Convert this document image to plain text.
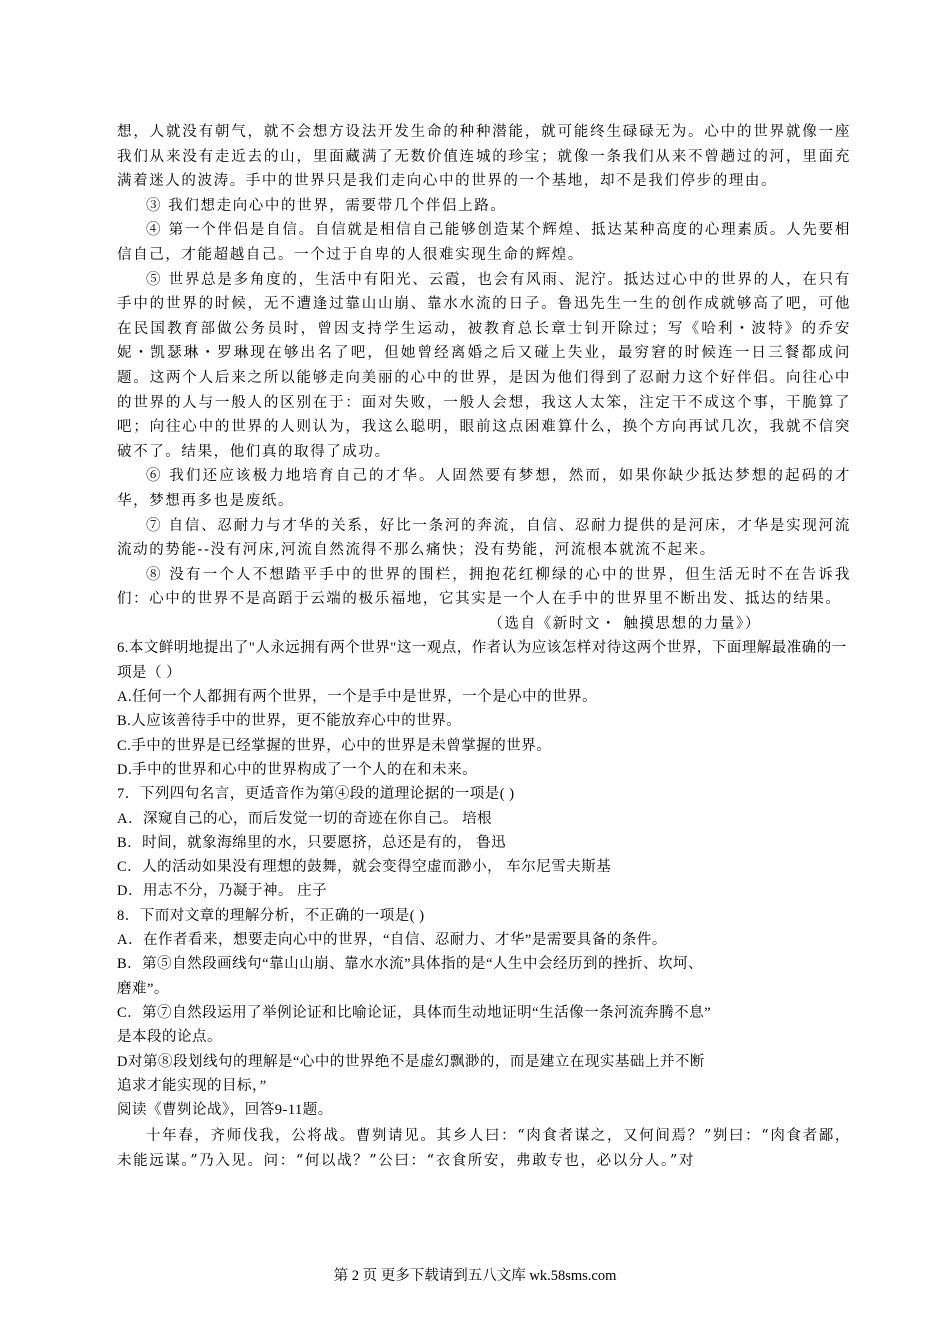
想，人就没有朝气，就不会想方设法开发生命的种种潜能，就可能终生碌碌无为。心中的世界就像一座我们从来没有走近去的山，里面藏满了无数价值连城的珍宝；就像一条我们从来不曾趟过的河，里面充满着迷人的波涛。手中的世界只是我们走向心中的世界的一个基地，却不是我们停步的理由。

③ 我们想走向心中的世界，需要带几个伴侣上路。

④ 第一个伴侣是自信。自信就是相信自己能够创造某个辉煌、抵达某种高度的心理素质。人先要相信自己，才能超越自己。一个过于自卑的人很难实现生命的辉煌。

⑤ 世界总是多角度的，生活中有阳光、云霞，也会有风雨、泥泞。抵达过心中的世界的人，在只有手中的世界的时候，无不遭逢过靠山山崩、靠水水流的日子。鲁迅先生一生的创作成就够高了吧，可他在民国教育部做公务员时，曾因支持学生运动，被教育总长章士钊开除过；写《哈利・波特》的乔安妮・凯瑟琳・罗琳现在够出名了吧，但她曾经离婚之后又碰上失业，最穷窘的时候连一日三餐都成问题。这两个人后来之所以能够走向美丽的心中的世界，是因为他们得到了忍耐力这个好伴侣。向往心中的世界的人与一般人的区别在于：面对失败，一般人会想，我这人太笨，注定干不成这个事，干脆算了吧；向往心中的世界的人则认为，我这么聪明，眼前这点困难算什么，换个方向再试几次，我就不信突破不了。结果，他们真的取得了成功。

⑥ 我们还应该极力地培育自己的才华。人固然要有梦想，然而，如果你缺少抵达梦想的起码的才华，梦想再多也是废纸。

⑦ 自信、忍耐力与才华的关系，好比一条河的奔流，自信、忍耐力提供的是河床，才华是实现河流流动的势能--没有河床,河流自然流得不那么痛快；没有势能，河流根本就流不起来。

⑧ 没有一个人不想踏平手中的世界的围栏，拥抱花红柳绿的心中的世界，但生活无时不在告诉我们：心中的世界不是高蹈于云端的极乐福地，它其实是一个人在手中的世界里不断出发、抵达的结果。

（选自《新时文・ 触摸思想的力量》）

6.本文鲜明地提出了"人永远拥有两个世界"这一观点，作者认为应该怎样对待这两个世界，下面理解最准确的一项是（ ）

A.任何一个人都拥有两个世界，一个是手中是世界，一个是心中的世界。

B.人应该善待手中的世界，更不能放弃心中的世界。

C.手中的世界是已经掌握的世界，心中的世界是未曾掌握的世界。

D.手中的世界和心中的世界构成了一个人的在和未来。

7．下列四句名言，更适音作为第④段的道理论据的一项是( )

A．深窥自己的心，而后发觉一切的奇迹在你自己。 培根

B．时间，就象海绵里的水，只要愿挤，总还是有的， 鲁迅

C．人的活动如果没有理想的鼓舞，就会变得空虚而渺小， 车尔尼雪夫斯基

D．用志不分，乃凝于神。 庄子

8．下而对文章的理解分析，不正确的一项是( )

A．在作者看来，想要走向心中的世界，“自信、忍耐力、才华”是需要具备的条件。

B．第⑤自然段画线句“靠山山崩、靠水水流”具体指的是“人生中会经历到的挫折、坎坷、

磨难”。

C．第⑦自然段运用了举例论证和比喻论证，具体而生动地证明“生活像一条河流奔腾不息”

是本段的论点。

D对第⑧段划线句的理解是“心中的世界绝不是虚幻飘渺的，而是建立在现实基础上并不断

追求才能实现的目标，”

阅读《曹刿论战》，回答9-11题。

十年春，齐师伐我，公将战。曹刿请见。其乡人曰：“肉食者谋之，又何间焉？”刿曰：“肉食者鄙，未能远谋。”乃入见。问：“何以战？”公曰：“衣食所安，弗敢专也，必以分人。”对

第 2 页 更多下载请到五八文库 wk.58sms.com
